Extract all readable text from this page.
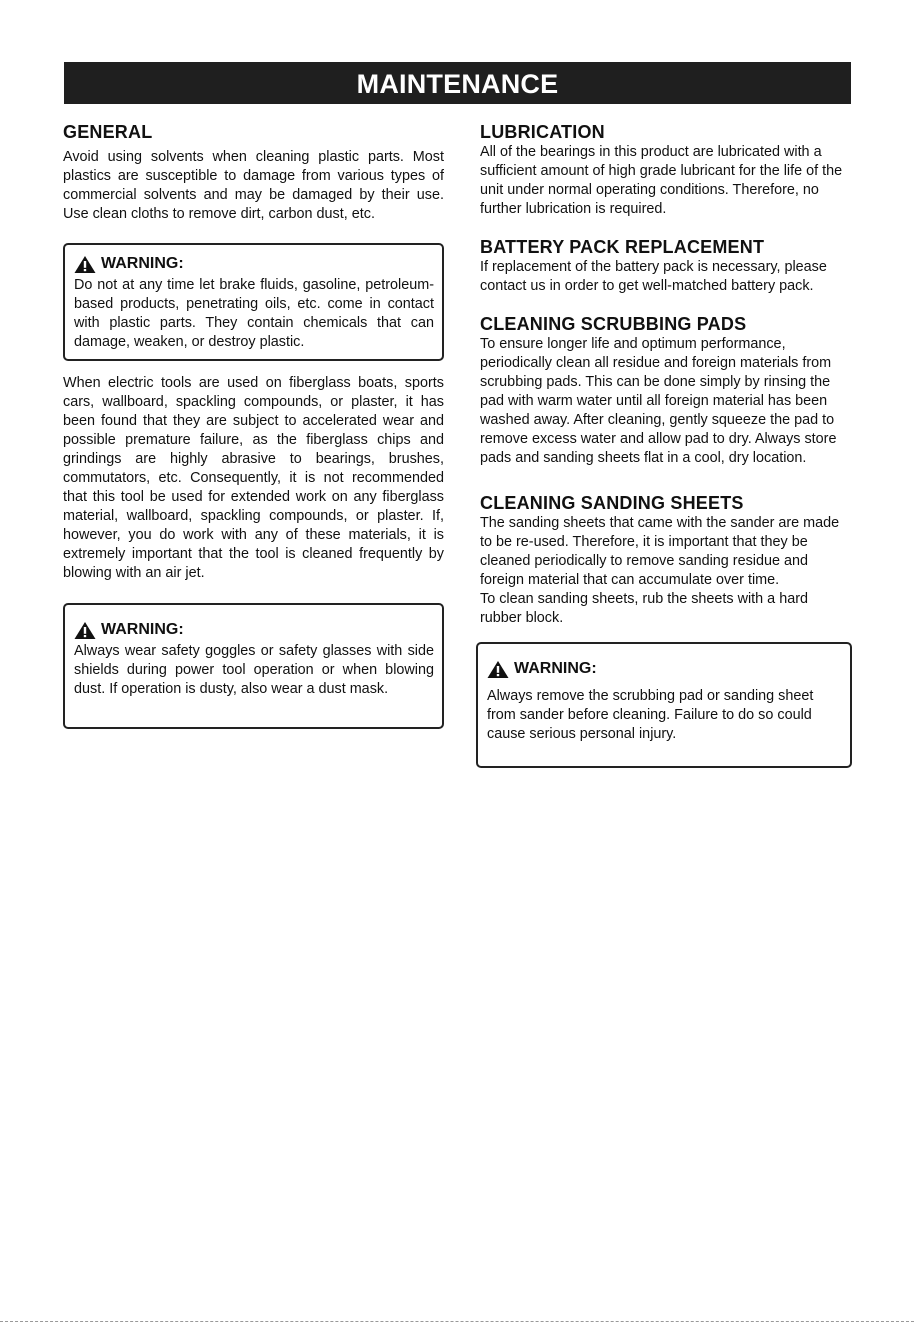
MAINTENANCE
GENERAL

Avoid using solvents when cleaning plastic parts. Most plastics are susceptible to damage from various types of commercial solvents and may be damaged by their use. Use clean cloths to remove dirt, carbon dust, etc.

WARNING:

Do not at any time let brake fluids, gasoline, petroleum-based products, penetrating oils, etc. come in contact with plastic parts. They contain chemicals that can damage, weaken, or destroy plastic.

When electric tools are used on fiberglass boats, sports cars, wallboard, spackling compounds, or plaster, it has been found that they are subject to accelerated wear and possible premature failure, as the fiberglass chips and grindings are highly abrasive to bearings, brushes, commutators, etc. Consequently, it is not recommended that this tool be used for extended work on any fiberglass material, wallboard, spackling compounds, or plaster. If, however, you do work with any of these materials, it is extremely important that the tool is cleaned frequently by blowing with an air jet.

WARNING:

Always wear safety goggles or safety glasses with side shields during power tool operation or when blowing dust. If operation is dusty, also wear a dust mask.

LUBRICATION

All of the bearings in this product are lubricated with a sufficient amount of high grade lubricant for the life of the unit under normal operating conditions. Therefore, no further lubrication is required.

BATTERY PACK REPLACEMENT

If replacement of the battery pack is necessary, please contact us in order to get well-matched battery pack.

CLEANING SCRUBBING PADS

To ensure longer life and optimum performance, periodically clean all residue and foreign materials from scrubbing pads. This can be done simply by rinsing the pad with warm water until all foreign material has been washed away. After cleaning, gently squeeze the pad to remove excess water and allow pad to dry. Always store pads and sanding sheets flat in a cool, dry location.

CLEANING SANDING SHEETS

The sanding sheets that came with the sander are made to be re-used. Therefore, it is important that they be cleaned periodically to remove sanding residue and foreign material that can accumulate over time.

To clean sanding sheets, rub the sheets with a hard rubber block.

WARNING:

Always remove the scrubbing pad or sanding sheet from sander before cleaning. Failure to do so could cause serious personal injury.
